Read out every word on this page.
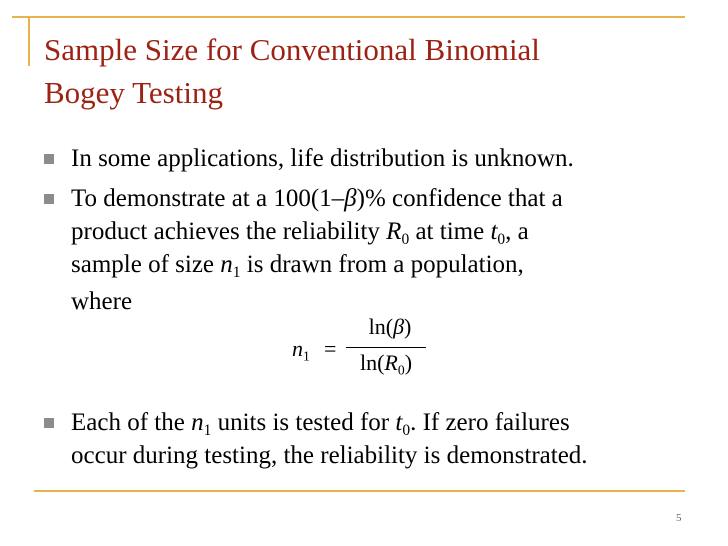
Sample Size for Conventional Binomial
Bogey Testing
In some applications, life distribution is unknown.
To demonstrate at a 100(1–β)% confidence that a
product achieves the reliability $R_0$ at time $t_0$, a
sample of size $n_1$ is drawn from a population,
where
Each of the $n_1$ units is tested for $t_0$. If zero failures
occur during testing, the reliability is demonstrated.
$n_1$ =
ln(β)
$\ln(R_0)$
5
